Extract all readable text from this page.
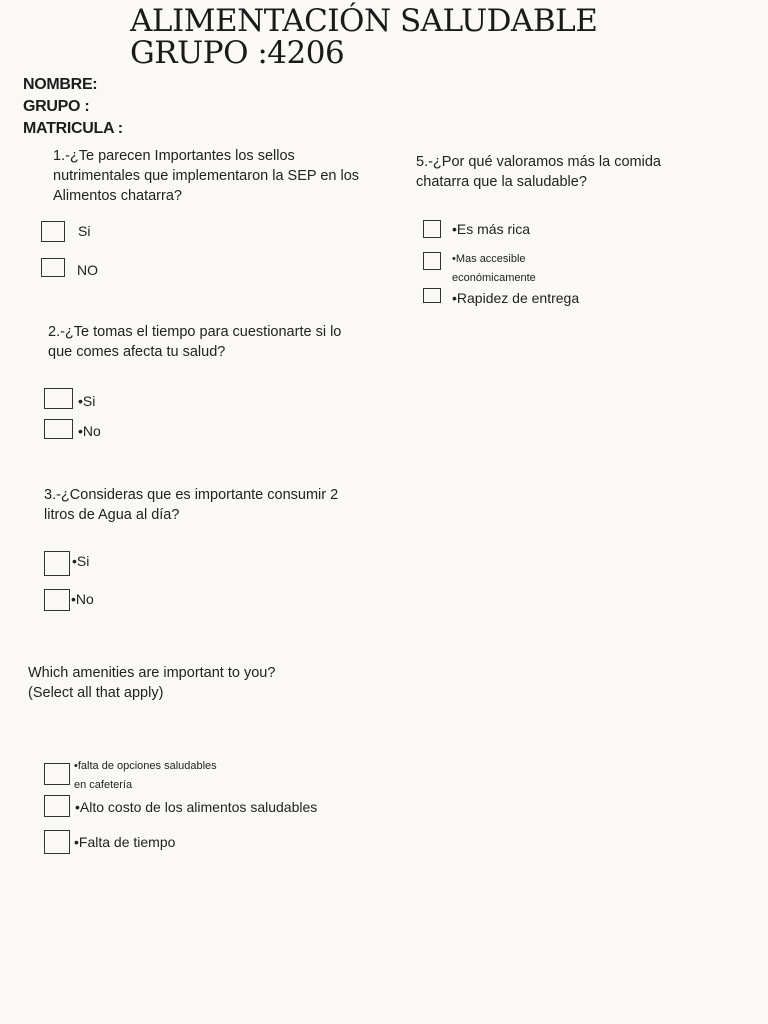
ALIMENTACIÓN SALUDABLE
GRUPO :4206
NOMBRE:
GRUPO :
MATRICULA :
1.-¿Te parecen Importantes los sellos nutrimentales que implementaron la SEP en los Alimentos chatarra?
Si
NO
2.-¿Te tomas el tiempo para cuestionarte si lo que comes afecta tu salud?
•Si
•No
3.-¿Consideras que es importante consumir 2 litros de Agua al día?
•Si
•No
Which amenities are important to you? (Select all that apply)
•falta de opciones saludables en cafetería
•Alto costo de los alimentos saludables
•Falta de tiempo
5.-¿Por qué valoramos más la comida chatarra que la saludable?
•Es más rica
•Mas accesible económicamente
•Rapidez de entrega
